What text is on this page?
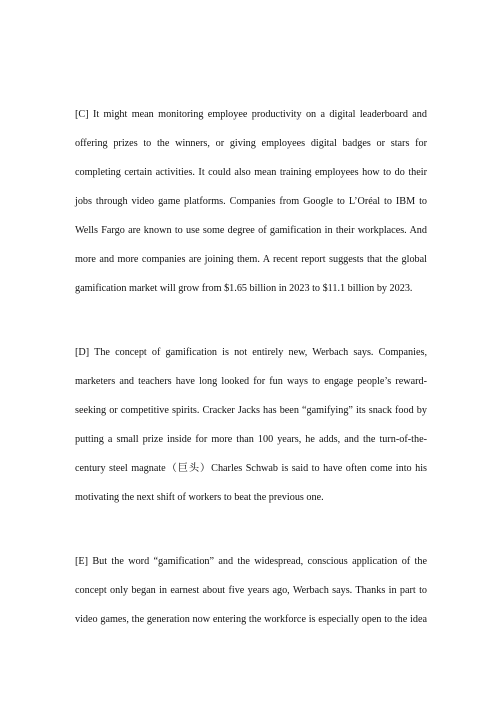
[C] It might mean monitoring employee productivity on a digital leaderboard and
offering prizes to the winners, or giving employees digital badges or stars for
completing certain activities. It could also mean training employees how to do their
jobs through video game platforms. Companies from Google to L’Oréal to IBM to
Wells Fargo are known to use some degree of gamification in their workplaces. And
more and more companies are joining them. A recent report suggests that the global
gamification market will grow from $1.65 billion in 2023 to $11.1 billion by 2023.
[D] The concept of gamification is not entirely new, Werbach says. Companies,
marketers and teachers have long looked for fun ways to engage people’s reward-
seeking or competitive spirits. Cracker Jacks has been “gamifying” its snack food by
putting a small prize inside for more than 100 years, he adds, and the turn-of-the-
century steel magnate（巨头）Charles Schwab is said to have often come into his
motivating the next shift of workers to beat the previous one.
[E] But the word “gamification” and the widespread, conscious application of the
concept only began in earnest about five years ago, Werbach says. Thanks in part to
video games, the generation now entering the workforce is especially open to the idea
